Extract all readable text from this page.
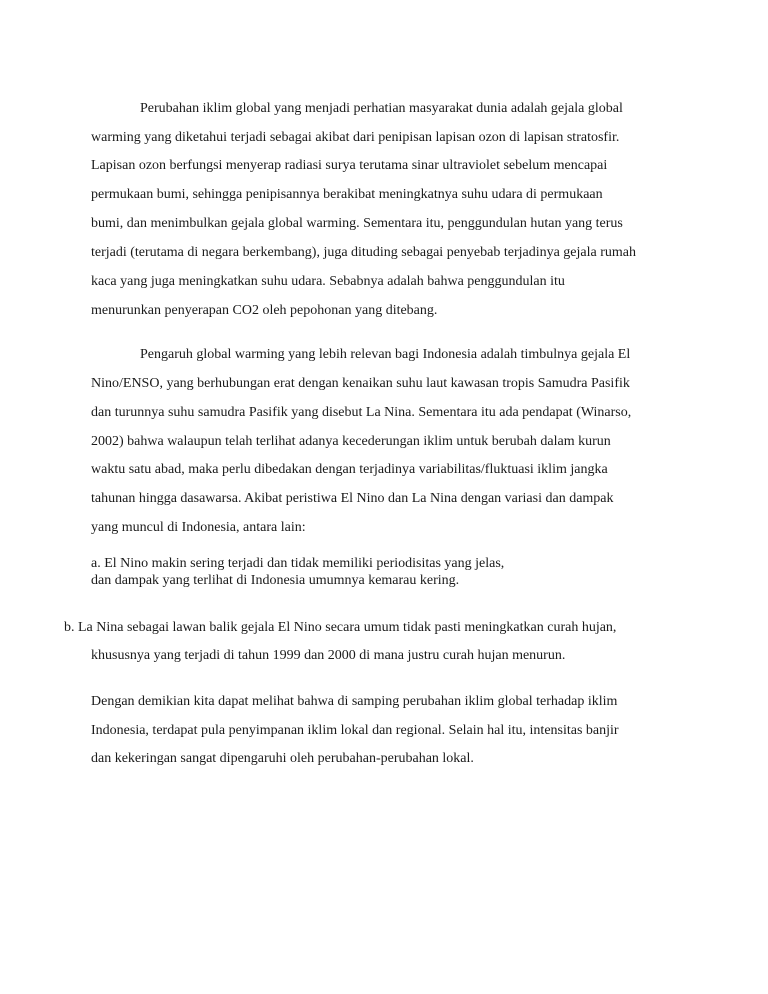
Perubahan iklim global yang menjadi perhatian masyarakat dunia adalah gejala global

warming yang diketahui terjadi sebagai akibat dari penipisan lapisan ozon di lapisan stratosfir.

Lapisan ozon berfungsi menyerap radiasi surya terutama sinar ultraviolet sebelum mencapai

permukaan bumi, sehingga penipisannya berakibat meningkatnya suhu udara di permukaan

bumi, dan menimbulkan gejala global warming. Sementara itu, penggundulan hutan yang terus

terjadi (terutama di negara berkembang), juga dituding sebagai penyebab terjadinya gejala rumah

kaca yang juga meningkatkan suhu udara. Sebabnya adalah bahwa penggundulan itu

menurunkan penyerapan CO2 oleh pepohonan yang ditebang.

Pengaruh global warming yang lebih relevan bagi Indonesia adalah timbulnya gejala El

Nino/ENSO, yang berhubungan erat dengan kenaikan suhu laut kawasan tropis Samudra Pasifik

dan turunnya suhu samudra Pasifik yang disebut La Nina. Sementara itu ada pendapat (Winarso,

2002) bahwa walaupun telah terlihat adanya kecederungan iklim untuk berubah dalam kurun

waktu satu abad, maka perlu dibedakan dengan terjadinya variabilitas/fluktuasi iklim jangka

tahunan hingga dasawarsa. Akibat peristiwa El Nino dan La Nina dengan variasi dan dampak

yang muncul di Indonesia, antara lain:

a. El Nino makin sering terjadi dan tidak memiliki periodisitas yang jelas,

dan dampak yang terlihat di Indonesia umumnya kemarau kering.

b. La Nina sebagai lawan balik gejala El Nino secara umum tidak pasti meningkatkan curah hujan,

khususnya yang terjadi di tahun 1999 dan 2000 di mana justru curah hujan menurun.

Dengan demikian kita dapat melihat bahwa di samping perubahan iklim global terhadap iklim

Indonesia, terdapat pula penyimpanan iklim lokal dan regional. Selain hal itu, intensitas banjir

dan kekeringan sangat dipengaruhi oleh perubahan-perubahan lokal.
